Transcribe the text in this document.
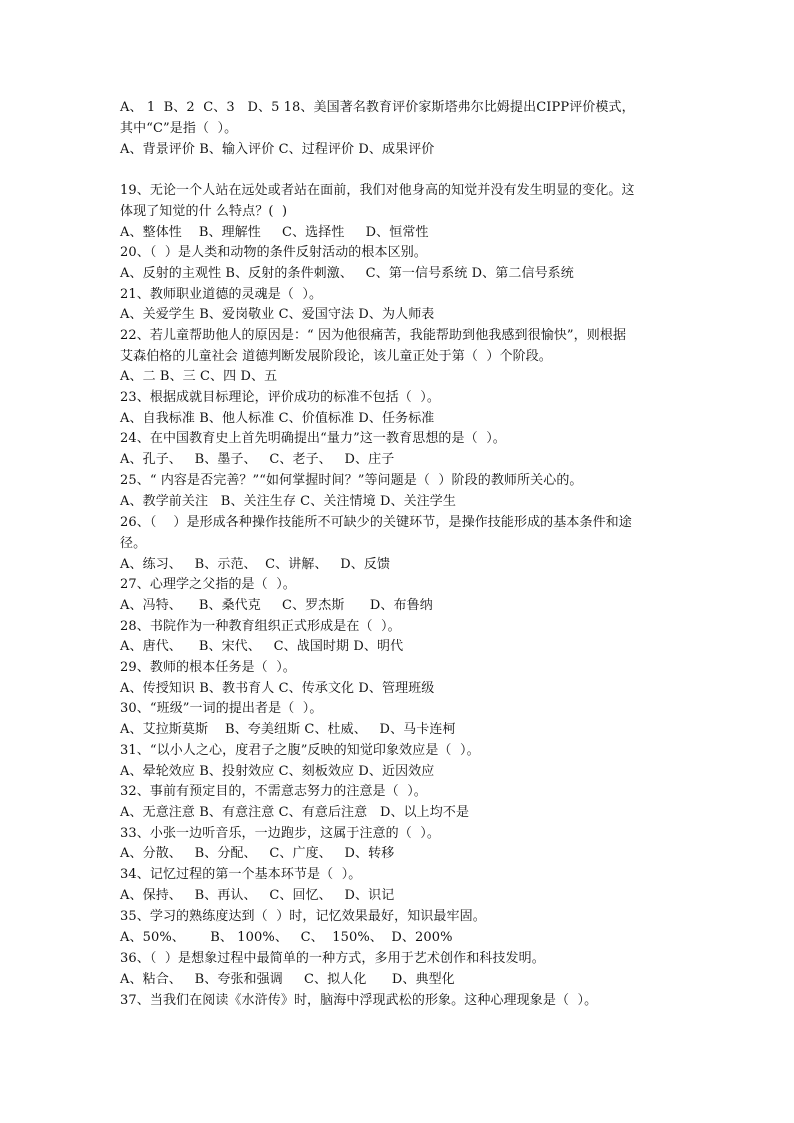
A、 1  B、2  C、3   D、5 18、美国著名教育评价家斯塔弗尔比姆提出CIPP评价模式，
其中“C”是指（  ）。
A、背景评价 B、输入评价 C、过程评价 D、成果评价
19、无论一个人站在远处或者站在面前，我们对他身高的知觉并没有发生明显的变化。这
体现了知觉的什 么特点？(  )
A、整体性    B、理解性     C、选择性     D、恒常性
20、（  ）是人类和动物的条件反射活动的根本区别。
A、反射的主观性 B、反射的条件刺激、   C、第一信号系统 D、第二信号系统
21、教师职业道德的灵魂是（  ）。
A、关爱学生 B、爱岗敬业 C、爱国守法 D、为人师表
22、若儿童帮助他人的原因是：“ 因为他很痛苦，我能帮助到他我感到很愉快”，则根据
艾森伯格的儿童社会 道德判断发展阶段论，该儿童正处于第（  ）个阶段。
A、二 B、三 C、四 D、五
23、根据成就目标理论，评价成功的标准不包括（  ）。
A、自我标准 B、他人标准 C、价值标准 D、任务标准
24、在中国教育史上首先明确提出“量力”这一教育思想的是（  ）。
A、孔子、   B、墨子、   C、老子、   D、庄子
25、“ 内容是否完善？”“如何掌握时间？”等问题是（  ）阶段的教师所关心的。
A、教学前关注   B、关注生存 C、关注情境 D、关注学生
26、（    ）是形成各种操作技能所不可缺少的关键环节，是操作技能形成的基本条件和途
径。
A、练习、   B、示范、  C、讲解、   D、反馈
27、心理学之父指的是（  ）。
A、冯特、    B、桑代克     C、罗杰斯      D、布鲁纳
28、书院作为一种教育组织正式形成是在（  ）。
A、唐代、    B、宋代、   C、战国时期 D、明代
29、教师的根本任务是（  ）。
A、传授知识 B、教书育人 C、传承文化 D、管理班级
30、“班级”一词的提出者是（  ）。
A、艾拉斯莫斯    B、夸美纽斯 C、杜威、   D、马卡连柯
31、“以小人之心，度君子之腹”反映的知觉印象效应是（  ）。
A、晕轮效应 B、投射效应 C、刻板效应 D、近因效应
32、事前有预定目的，不需意志努力的注意是（  ）。
A、无意注意 B、有意注意 C、有意后注意   D、以上均不是
33、小张一边听音乐，一边跑步，这属于注意的（  ）。
A、分散、   B、分配、   C、广度、   D、转移
34、记忆过程的第一个基本环节是（  ）。
A、保持、   B、再认、   C、回忆、   D、识记
35、学习的熟练度达到（  ）时，记忆效果最好，知识最牢固。
A、50%、      B、 100%、   C、  150%、  D、200%
36、（  ）是想象过程中最简单的一种方式，多用于艺术创作和科技发明。
A、粘合、   B、夸张和强调     C、拟人化      D、典型化
37、当我们在阅读《水浒传》时，脑海中浮现武松的形象。这种心理现象是（  ）。
